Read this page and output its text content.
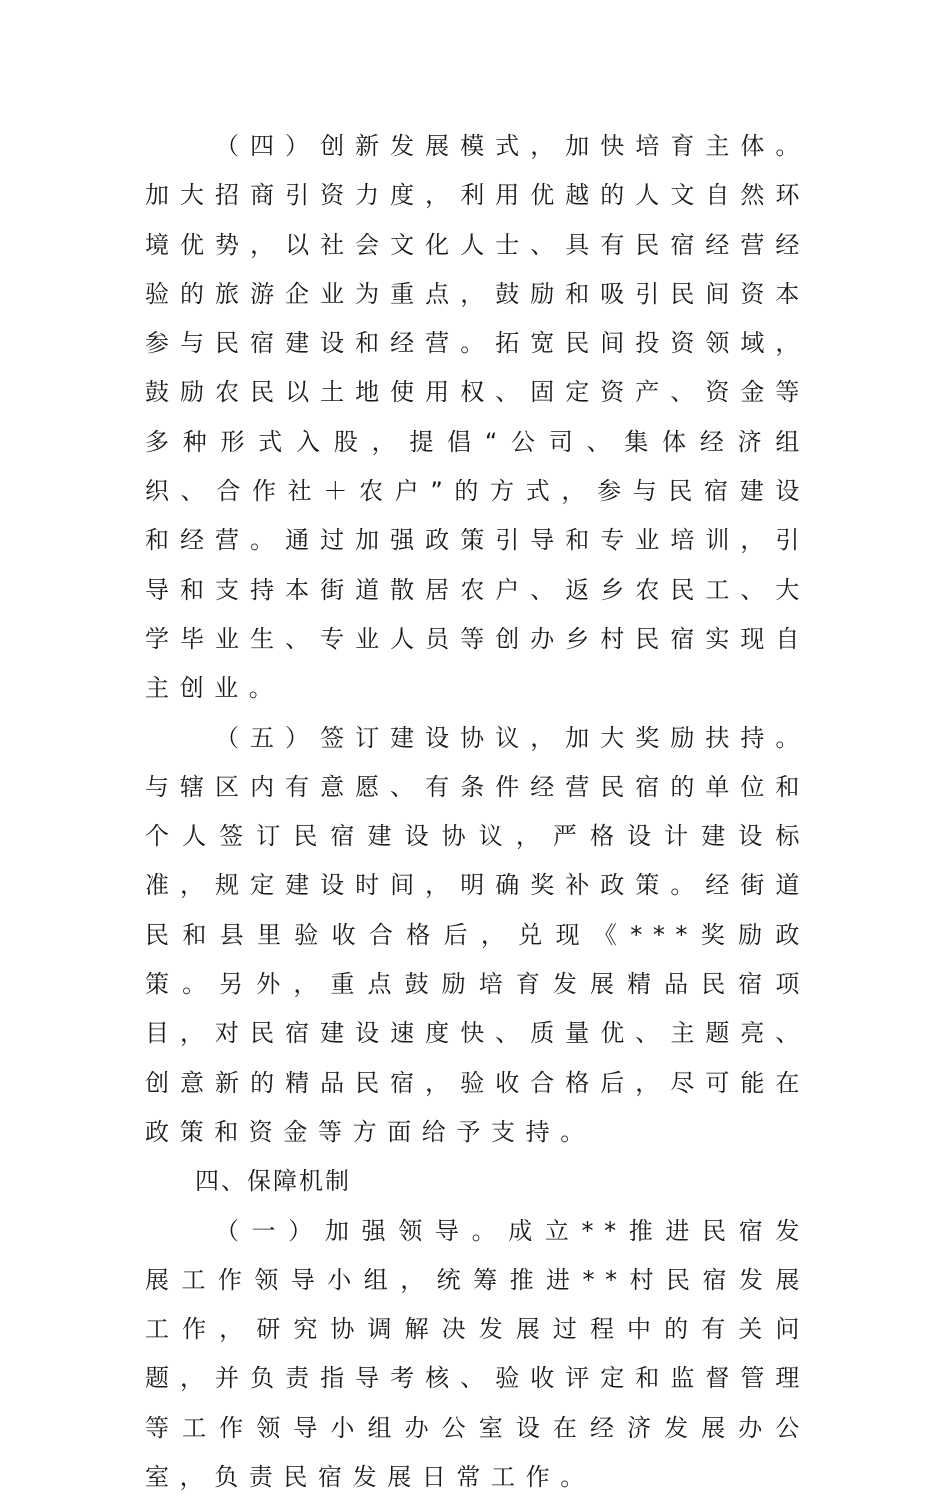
（四）创新发展模式，加快培育主体。加大招商引资力度，利用优越的人文自然环境优势，以社会文化人士、具有民宿经营经验的旅游企业为重点，鼓励和吸引民间资本参与民宿建设和经营。拓宽民间投资领域，鼓励农民以土地使用权、固定资产、资金等多种形式入股，提倡“公司、集体经济组织、合作社＋农户”的方式，参与民宿建设和经营。通过加强政策引导和专业培训，引导和支持本街道散居农户、返乡农民工、大学毕业生、专业人员等创办乡村民宿实现自主创业。

（五）签订建设协议，加大奖励扶持。与辖区内有意愿、有条件经营民宿的单位和个人签订民宿建设协议，严格设计建设标准，规定建设时间，明确奖补政策。经街道民和县里验收合格后，兑现《***奖励政策。另外，重点鼓励培育发展精品民宿项目，对民宿建设速度快、质量优、主题亮、创意新的精品民宿，验收合格后，尽可能在政策和资金等方面给予支持。

四、保障机制

（一）加强领导。成立**推进民宿发展工作领导小组，统筹推进**村民宿发展工作，研究协调解决发展过程中的有关问题，并负责指导考核、验收评定和监督管理等工作领导小组办公室设在经济发展办公室，负责民宿发展日常工作。
